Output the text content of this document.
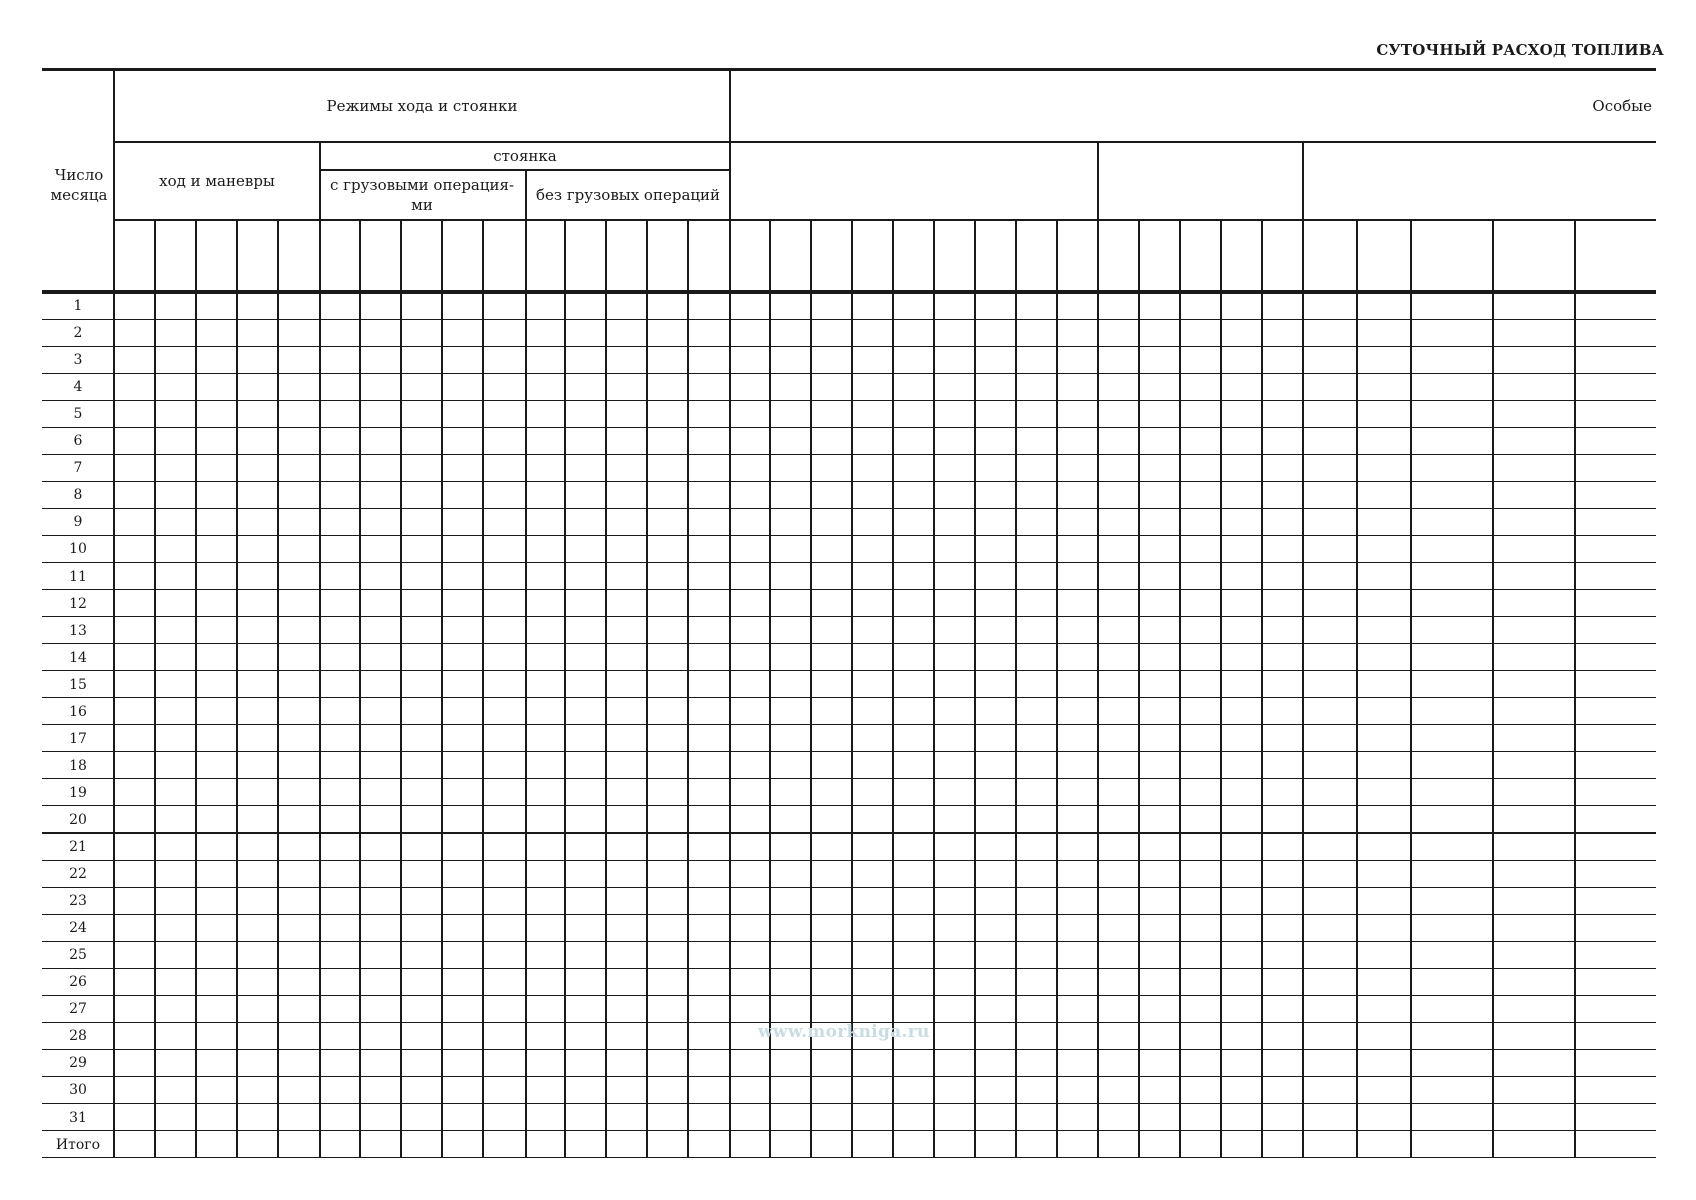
СУТОЧНЫЙ РАСХОД ТОПЛИВА
Число месяца
Режимы хода и стоянки	Особые
ход и маневры
стоянка
с грузовыми операция-ми
без грузовых операций
1
2
3
4
5
6
7
8
9
10
11
12
13
14
15
16
17
18
19
20
21
22
23
24
25
26
27
28
29
30
31
Итого
www.morkniga.ru
